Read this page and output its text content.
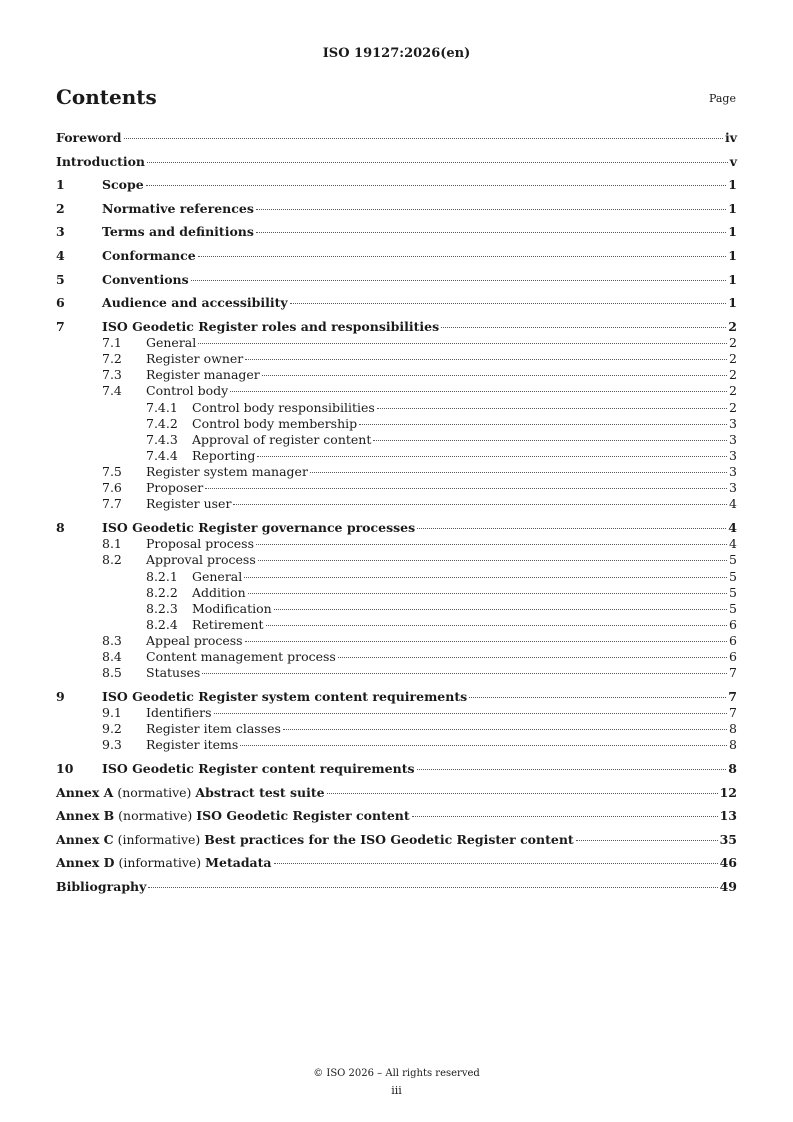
ISO 19127:2026(en)
Contents	Page
Foreword	iv
Introduction	v
1	Scope	1
2	Normative references	1
3	Terms and definitions	1
4	Conformance	1
5	Conventions	1
6	Audience and accessibility	1
7	ISO Geodetic Register roles and responsibilities	2
7.1	General	2
7.2	Register owner	2
7.3	Register manager	2
7.4	Control body	2
7.4.1	Control body responsibilities	2
7.4.2	Control body membership	3
7.4.3	Approval of register content	3
7.4.4	Reporting	3
7.5	Register system manager	3
7.6	Proposer	3
7.7	Register user	4
8	ISO Geodetic Register governance processes	4
8.1	Proposal process	4
8.2	Approval process	5
8.2.1	General	5
8.2.2	Addition	5
8.2.3	Modification	5
8.2.4	Retirement	6
8.3	Appeal process	6
8.4	Content management process	6
8.5	Statuses	7
9	ISO Geodetic Register system content requirements	7
9.1	Identifiers	7
9.2	Register item classes	8
9.3	Register items	8
10	ISO Geodetic Register content requirements	8
Annex A (normative) Abstract test suite	12
Annex B (normative) ISO Geodetic Register content	13
Annex C (informative) Best practices for the ISO Geodetic Register content	35
Annex D (informative) Metadata	46
Bibliography	49
© ISO 2026 – All rights reserved
iii
